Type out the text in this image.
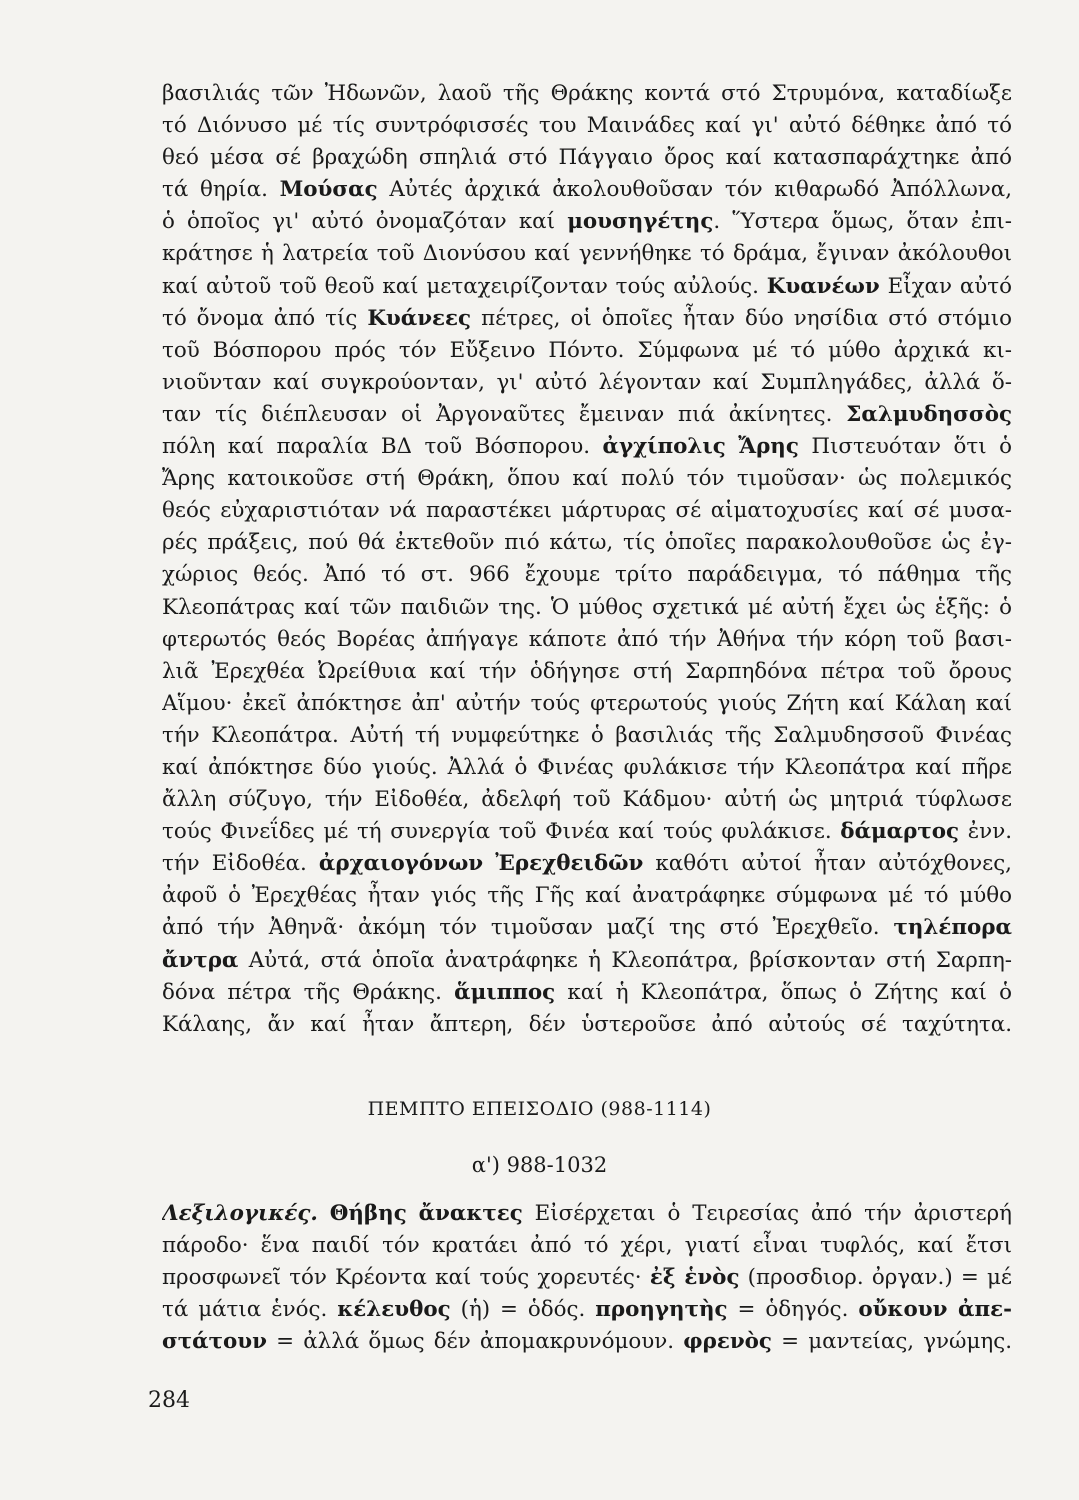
βασιλιάς τῶν Ἠδωνῶν, λαοῦ τῆς Θράκης κοντά στό Στρυμόνα, καταδίωξε
τό Διόνυσο μέ τίς συντρόφισσές του Μαινάδες καί γι' αὐτό δέθηκε ἀπό τό
θεό μέσα σέ βραχώδη σπηλιά στό Πάγγαιο ὄρος καί κατασπαράχτηκε ἀπό
τά θηρία. Μούσας Αὐτές ἀρχικά ἀκολουθοῦσαν τόν κιθαρωδό Ἀπόλλωνα,
ὁ ὁποῖος γι' αὐτό ὀνομαζόταν καί μουσηγέτης. Ὕστερα ὅμως, ὅταν ἐπι-
κράτησε ἡ λατρεία τοῦ Διονύσου καί γεννήθηκε τό δράμα, ἔγιναν ἀκόλουθοι
καί αὐτοῦ τοῦ θεοῦ καί μεταχειρίζονταν τούς αὐλούς. Κυανέων Εἶχαν αὐτό
τό ὄνομα ἀπό τίς Κυάνεες πέτρες, οἱ ὁποῖες ἦταν δύο νησίδια στό στόμιο
τοῦ Βόσπορου πρός τόν Εὔξεινο Πόντο. Σύμφωνα μέ τό μύθο ἀρχικά κι-
νιοῦνταν καί συγκρούονταν, γι' αὐτό λέγονταν καί Συμπληγάδες, ἀλλά ὅ-
ταν τίς διέπλευσαν οἱ Ἀργοναῦτες ἔμειναν πιά ἀκίνητες. Σαλμυδησσὸς
πόλη καί παραλία ΒΔ τοῦ Βόσπορου. ἀγχίπολις Ἄρης Πιστευόταν ὅτι ὁ
Ἄρης κατοικοῦσε στή Θράκη, ὅπου καί πολύ τόν τιμοῦσαν· ὡς πολεμικός
θεός εὐχαριστιόταν νά παραστέκει μάρτυρας σέ αἱματοχυσίες καί σέ μυσα-
ρές πράξεις, πού θά ἐκτεθοῦν πιό κάτω, τίς ὁποῖες παρακολουθοῦσε ὡς ἐγ-
χώριος θεός. Ἀπό τό στ. 966 ἔχουμε τρίτο παράδειγμα, τό πάθημα τῆς
Κλεοπάτρας καί τῶν παιδιῶν της. Ὁ μύθος σχετικά μέ αὐτή ἔχει ὡς ἑξῆς: ὁ
φτερωτός θεός Βορέας ἀπήγαγε κάποτε ἀπό τήν Ἀθήνα τήν κόρη τοῦ βασι-
λιᾶ Ἐρεχθέα Ὠρείθυια καί τήν ὁδήγησε στή Σαρπηδόνα πέτρα τοῦ ὄρους
Αἵμου· ἐκεῖ ἀπόκτησε ἀπ' αὐτήν τούς φτερωτούς γιούς Ζήτη καί Κάλαη καί
τήν Κλεοπάτρα. Αὐτή τή νυμφεύτηκε ὁ βασιλιάς τῆς Σαλμυδησσοῦ Φινέας
καί ἀπόκτησε δύο γιούς. Ἀλλά ὁ Φινέας φυλάκισε τήν Κλεοπάτρα καί πῆρε
ἄλλη σύζυγο, τήν Εἰδοθέα, ἀδελφή τοῦ Κάδμου· αὐτή ὡς μητριά τύφλωσε
τούς Φινεΐδες μέ τή συνεργία τοῦ Φινέα καί τούς φυλάκισε. δάμαρτος ἐνν.
τήν Εἰδοθέα. ἀρχαιογόνων Ἐρεχθειδῶν καθότι αὐτοί ἦταν αὐτόχθονες,
ἀφοῦ ὁ Ἐρεχθέας ἦταν γιός τῆς Γῆς καί ἀνατράφηκε σύμφωνα μέ τό μύθο
ἀπό τήν Ἀθηνᾶ· ἀκόμη τόν τιμοῦσαν μαζί της στό Ἐρεχθεῖο. τηλέπορα
ἄντρα Αὐτά, στά ὁποῖα ἀνατράφηκε ἡ Κλεοπάτρα, βρίσκονταν στή Σαρπη-
δόνα πέτρα τῆς Θράκης. ἅμιππος καί ἡ Κλεοπάτρα, ὅπως ὁ Ζήτης καί ὁ
Κάλαης, ἄν καί ἦταν ἄπτερη, δέν ὑστεροῦσε ἀπό αὐτούς σέ ταχύτητα.
ΠΕΜΠΤΟ ΕΠΕΙΣΟΔΙΟ (988-1114)
α') 988-1032
Λεξιλογικές. Θήβης ἄνακτες Εἰσέρχεται ὁ Τειρεσίας ἀπό τήν ἀριστερή
πάροδο· ἕνα παιδί τόν κρατάει ἀπό τό χέρι, γιατί εἶναι τυφλός, καί ἔτσι
προσφωνεῖ τόν Κρέοντα καί τούς χορευτές· ἐξ ἑνὸς (προσδιορ. ὀργαν.) = μέ
τά μάτια ἑνός. κέλευθος (ἡ) = ὁδός. προηγητὴς = ὁδηγός. οὔκουν ἀπε-
στάτουν = ἀλλά ὅμως δέν ἀπομακρυνόμουν. φρενὸς = μαντείας, γνώμης.
284
